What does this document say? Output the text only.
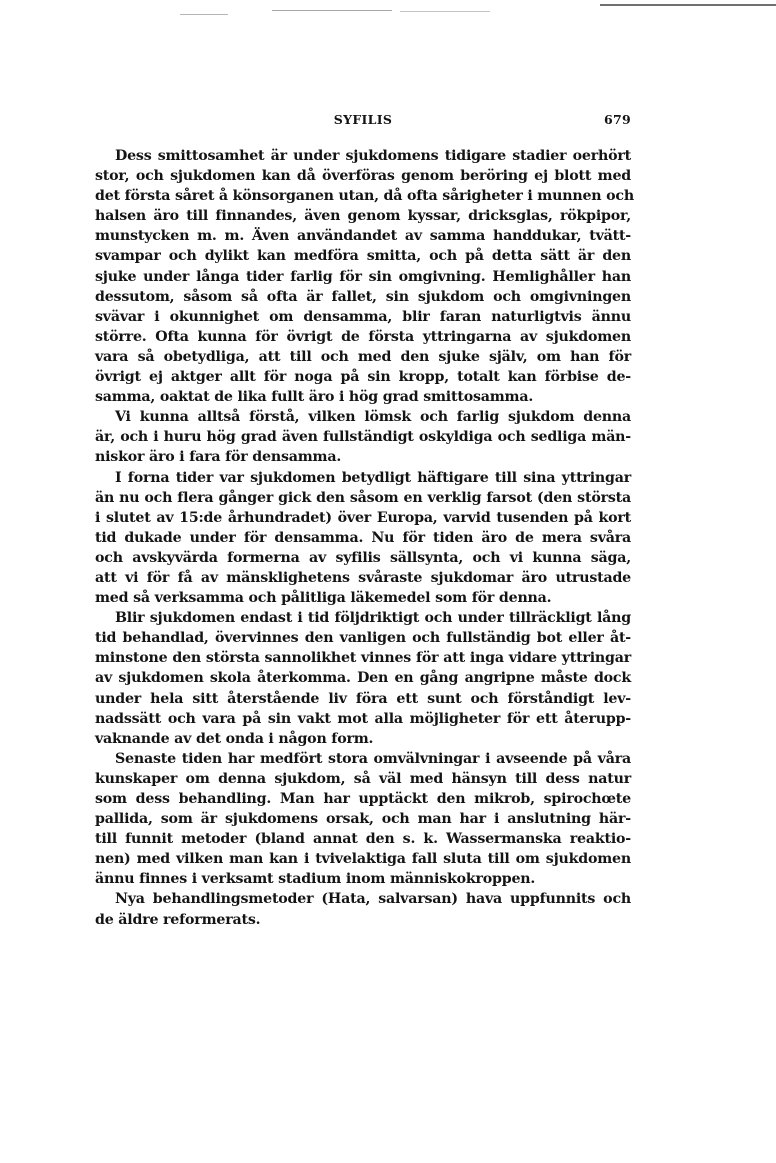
SYFILIS	679

Dess smittosamhet är under sjukdomens tidigare stadier oerhört
stor, och sjukdomen kan då överföras genom beröring ej blott med
det första såret å könsorganen utan, då ofta sårigheter i munnen och
halsen äro till finnandes, även genom kyssar, dricksglas, rökpipor,
munstycken m. m. Även användandet av samma handdukar, tvätt-
svampar och dylikt kan medföra smitta, och på detta sätt är den
sjuke under långa tider farlig för sin omgivning. Hemlighåller han
dessutom, såsom så ofta är fallet, sin sjukdom och omgivningen
svävar i okunnighet om densamma, blir faran naturligtvis ännu
större. Ofta kunna för övrigt de första yttringarna av sjukdomen
vara så obetydliga, att till och med den sjuke själv, om han för
övrigt ej aktger allt för noga på sin kropp, totalt kan förbise de-
samma, oaktat de lika fullt äro i hög grad smittosamma.

Vi kunna alltså förstå, vilken lömsk och farlig sjukdom denna
är, och i huru hög grad även fullständigt oskyldiga och sedliga män-
niskor äro i fara för densamma.

I forna tider var sjukdomen betydligt häftigare till sina yttringar
än nu och flera gånger gick den såsom en verklig farsot (den största
i slutet av 15:de århundradet) över Europa, varvid tusenden på kort
tid dukade under för densamma. Nu för tiden äro de mera svåra
och avskyvärda formerna av syfilis sällsynta, och vi kunna säga,
att vi för få av mänsklighetens svåraste sjukdomar äro utrustade
med så verksamma och pålitliga läkemedel som för denna.

Blir sjukdomen endast i tid följdriktigt och under tillräckligt lång
tid behandlad, övervinnes den vanligen och fullständig bot eller åt-
minstone den största sannolikhet vinnes för att inga vidare yttringar
av sjukdomen skola återkomma. Den en gång angripne måste dock
under hela sitt återstående liv föra ett sunt och förståndigt lev-
nadssätt och vara på sin vakt mot alla möjligheter för ett återupp-
vaknande av det onda i någon form.

Senaste tiden har medfört stora omvälvningar i avseende på våra
kunskaper om denna sjukdom, så väl med hänsyn till dess natur
som dess behandling. Man har upptäckt den mikrob, spirochœte
pallida, som är sjukdomens orsak, och man har i anslutning här-
till funnit metoder (bland annat den s. k. Wassermanska reaktio-
nen) med vilken man kan i tvivelaktiga fall sluta till om sjukdomen
ännu finnes i verksamt stadium inom människokroppen.

Nya behandlingsmetoder (Hata, salvarsan) hava uppfunnits och
de äldre reformerats.
